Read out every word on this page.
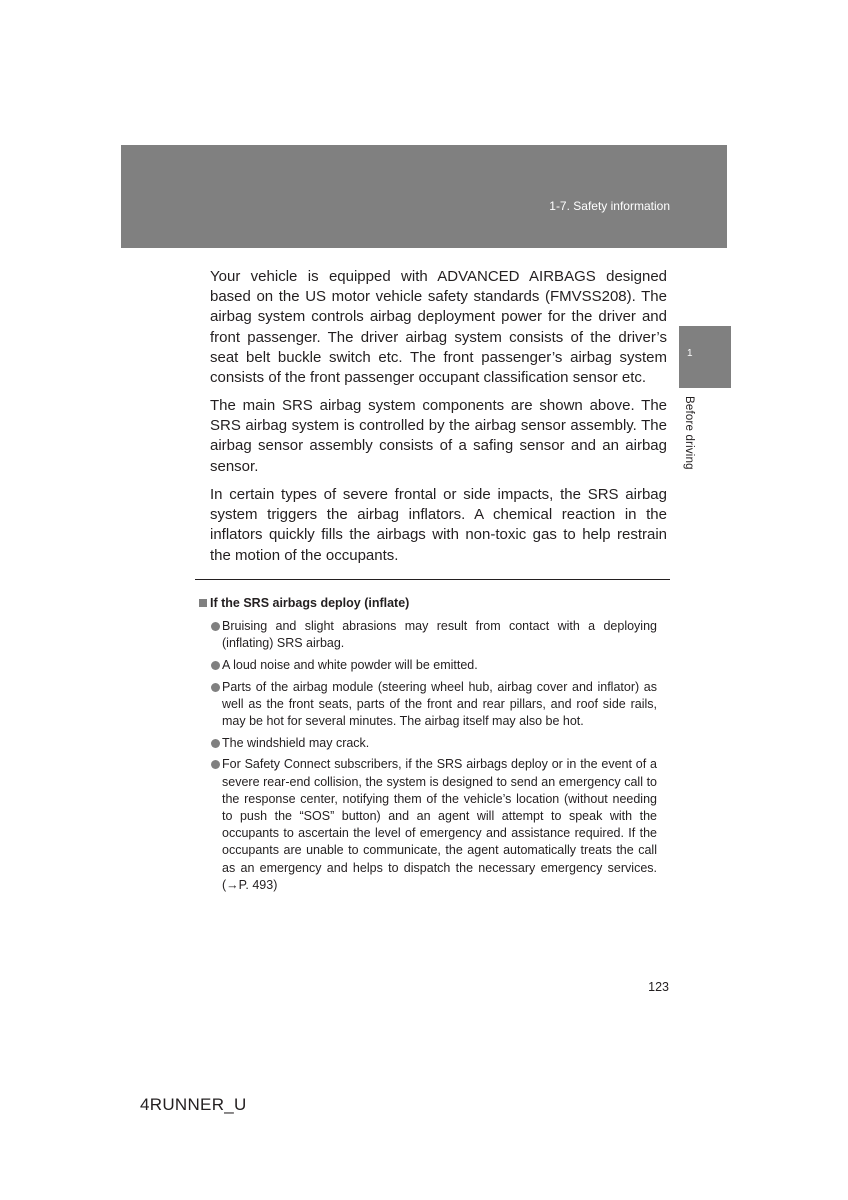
1-7. Safety information
1
Before driving

Your vehicle is equipped with ADVANCED AIRBAGS designed based on the US motor vehicle safety standards (FMVSS208). The airbag system controls airbag deployment power for the driver and front passenger. The driver airbag system consists of the driver’s seat belt buckle switch etc. The front passenger’s airbag system consists of the front passenger occupant classification sensor etc.

The main SRS airbag system components are shown above. The SRS airbag system is controlled by the airbag sensor assembly. The airbag sensor assembly consists of a safing sensor and an airbag sensor.

In certain types of severe frontal or side impacts, the SRS airbag system triggers the airbag inflators. A chemical reaction in the inflators quickly fills the airbags with non-toxic gas to help restrain the motion of the occupants.

If the SRS airbags deploy (inflate)
Bruising and slight abrasions may result from contact with a deploying (inflating) SRS airbag.
A loud noise and white powder will be emitted.
Parts of the airbag module (steering wheel hub, airbag cover and inflator) as well as the front seats, parts of the front and rear pillars, and roof side rails, may be hot for several minutes. The airbag itself may also be hot.
The windshield may crack.
For Safety Connect subscribers, if the SRS airbags deploy or in the event of a severe rear-end collision, the system is designed to send an emergency call to the response center, notifying them of the vehicle’s location (without needing to push the “SOS” button) and an agent will attempt to speak with the occupants to ascertain the level of emergency and assistance required. If the occupants are unable to communicate, the agent automatically treats the call as an emergency and helps to dispatch the necessary emergency services. (→P. 493)
123
4RUNNER_U
